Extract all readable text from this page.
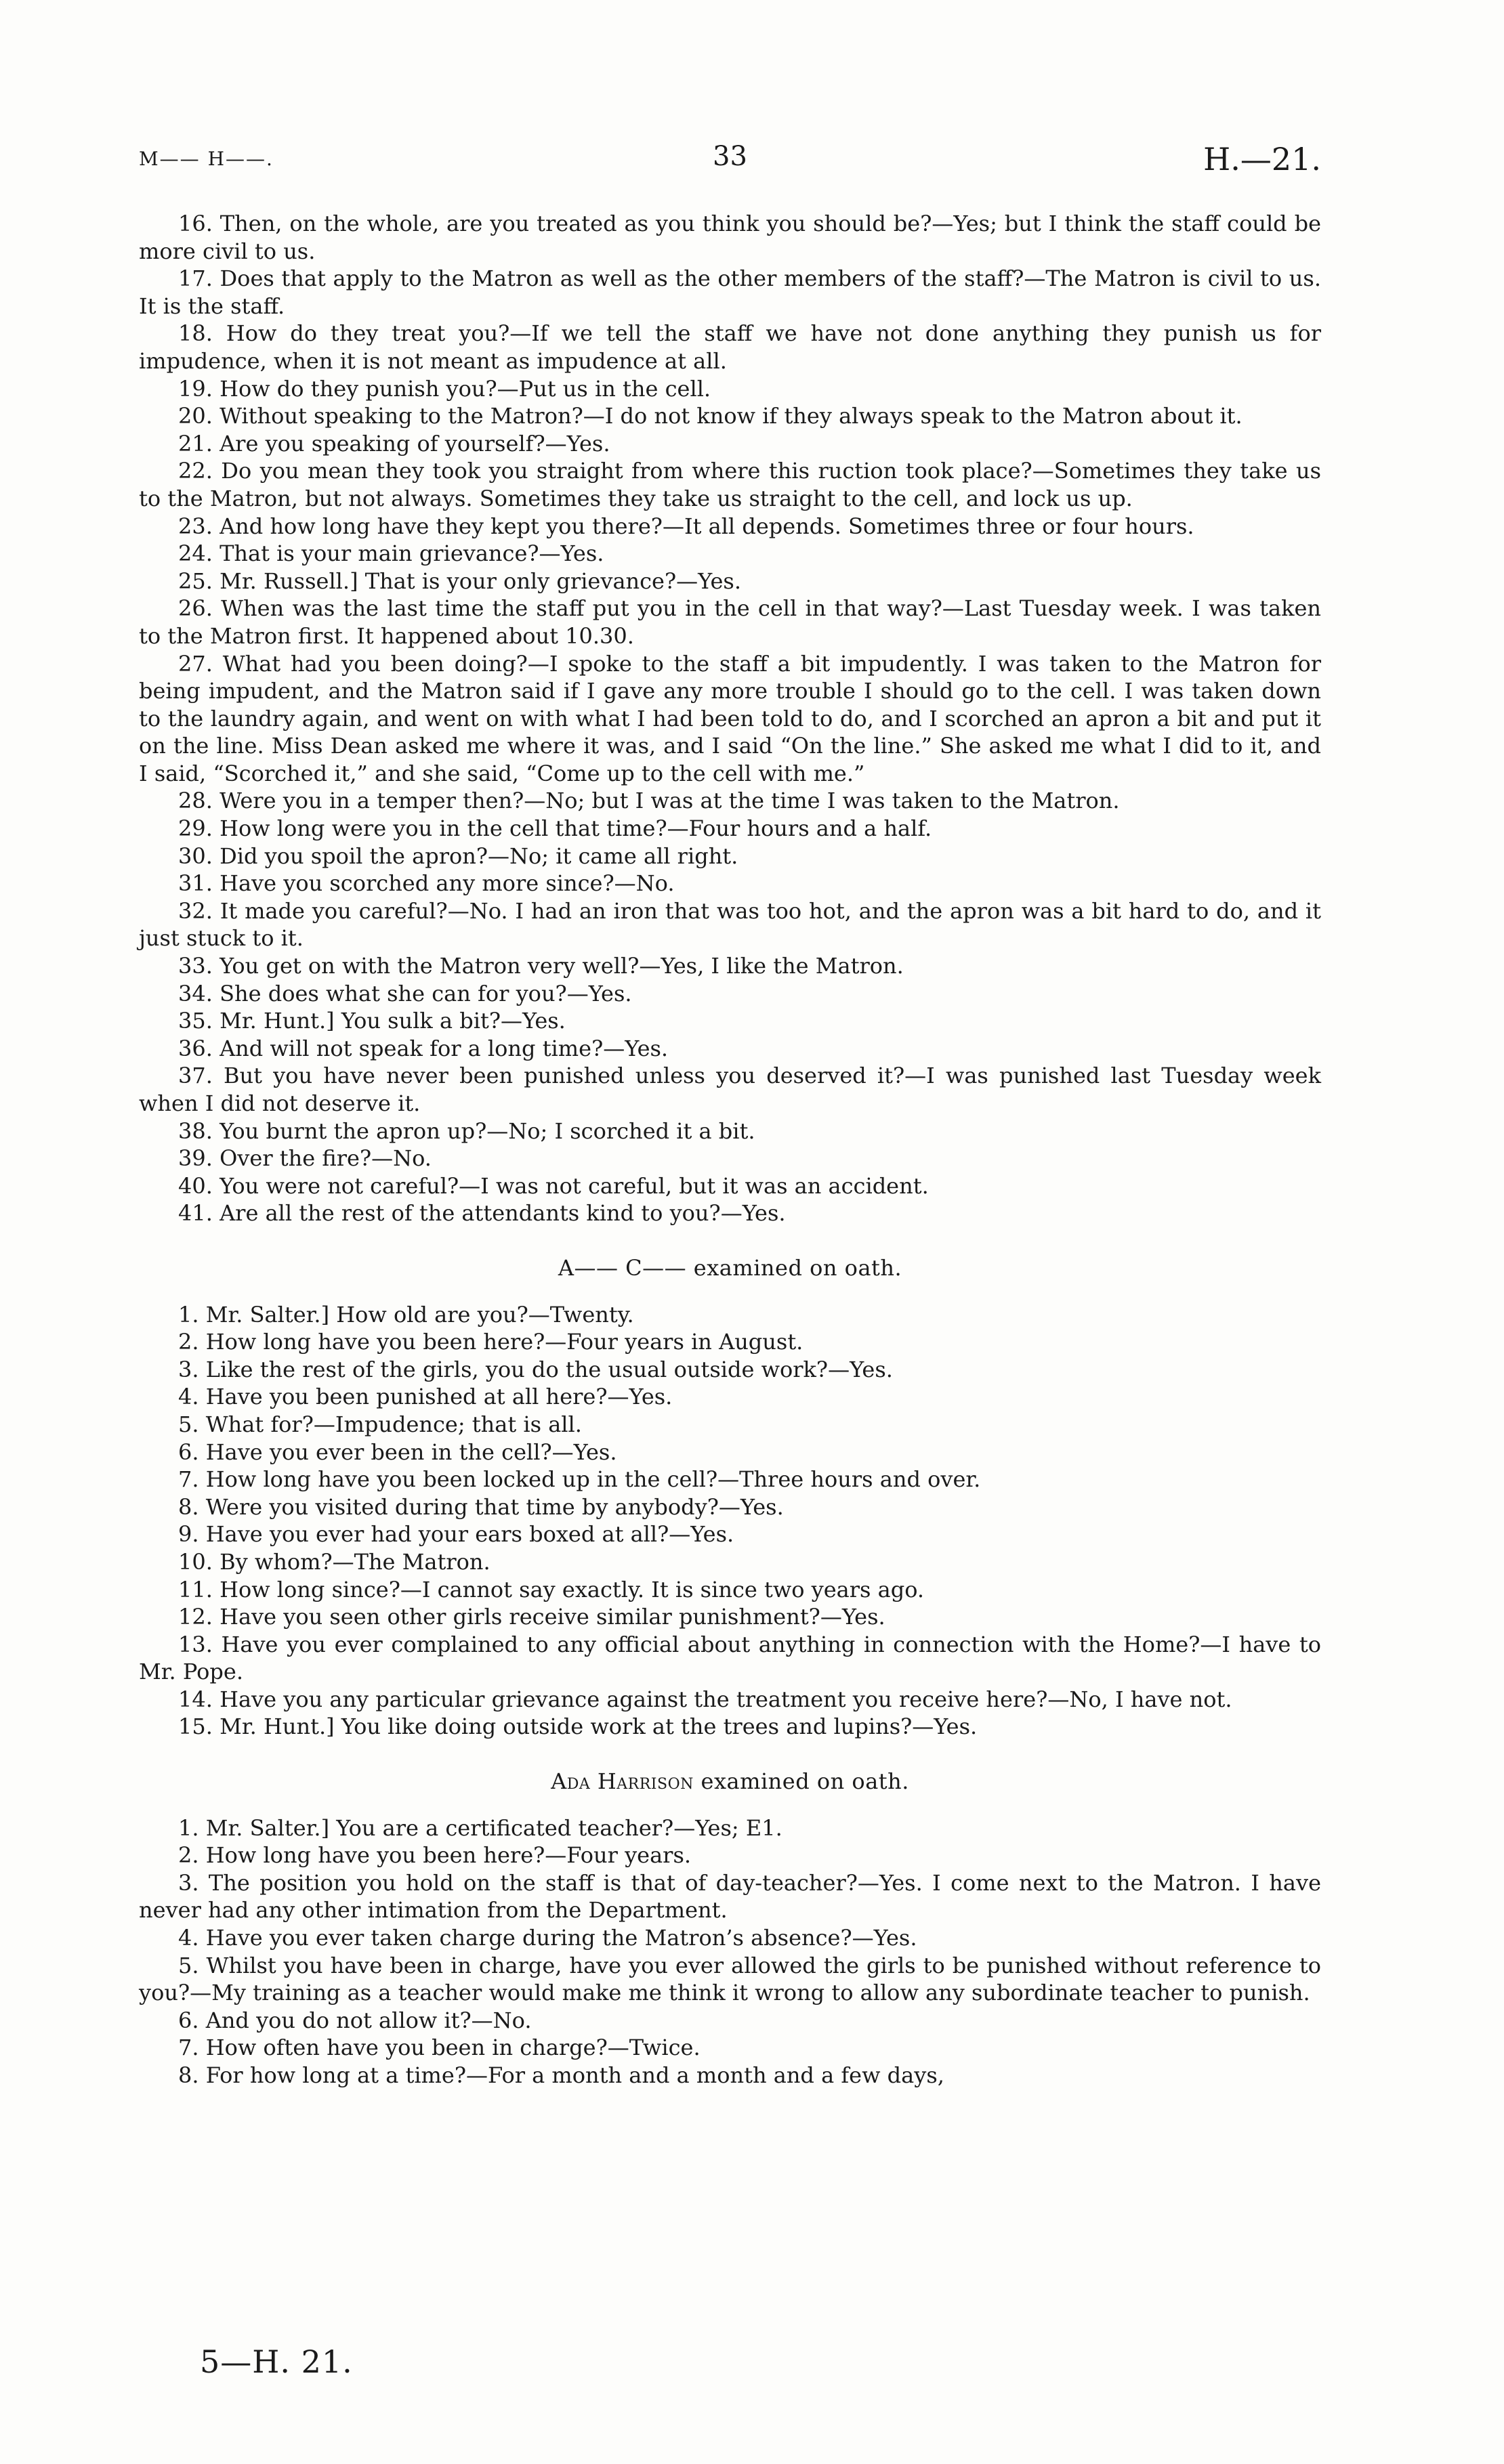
M—— H——.	33	H.—21.

16. Then, on the whole, are you treated as you think you should be?—Yes; but I think the staff could be more civil to us.

17. Does that apply to the Matron as well as the other members of the staff?—The Matron is civil to us. It is the staff.

18. How do they treat you?—If we tell the staff we have not done anything they punish us for impudence, when it is not meant as impudence at all.

19. How do they punish you?—Put us in the cell.

20. Without speaking to the Matron?—I do not know if they always speak to the Matron about it.

21. Are you speaking of yourself?—Yes.

22. Do you mean they took you straight from where this ruction took place?—Sometimes they take us to the Matron, but not always. Sometimes they take us straight to the cell, and lock us up.

23. And how long have they kept you there?—It all depends. Sometimes three or four hours.

24. That is your main grievance?—Yes.

25. Mr. Russell.] That is your only grievance?—Yes.

26. When was the last time the staff put you in the cell in that way?—Last Tuesday week. I was taken to the Matron first. It happened about 10.30.

27. What had you been doing?—I spoke to the staff a bit impudently. I was taken to the Matron for being impudent, and the Matron said if I gave any more trouble I should go to the cell. I was taken down to the laundry again, and went on with what I had been told to do, and I scorched an apron a bit and put it on the line. Miss Dean asked me where it was, and I said “On the line.” She asked me what I did to it, and I said, “Scorched it,” and she said, “Come up to the cell with me.”

28. Were you in a temper then?—No; but I was at the time I was taken to the Matron.

29. How long were you in the cell that time?—Four hours and a half.

30. Did you spoil the apron?—No; it came all right.

31. Have you scorched any more since?—No.

32. It made you careful?—No. I had an iron that was too hot, and the apron was a bit hard to do, and it just stuck to it.

33. You get on with the Matron very well?—Yes, I like the Matron.

34. She does what she can for you?—Yes.

35. Mr. Hunt.] You sulk a bit?—Yes.

36. And will not speak for a long time?—Yes.

37. But you have never been punished unless you deserved it?—I was punished last Tuesday week when I did not deserve it.

38. You burnt the apron up?—No; I scorched it a bit.

39. Over the fire?—No.

40. You were not careful?—I was not careful, but it was an accident.

41. Are all the rest of the attendants kind to you?—Yes.

A—— C—— examined on oath.

1. Mr. Salter.] How old are you?—Twenty.

2. How long have you been here?—Four years in August.

3. Like the rest of the girls, you do the usual outside work?—Yes.

4. Have you been punished at all here?—Yes.

5. What for?—Impudence; that is all.

6. Have you ever been in the cell?—Yes.

7. How long have you been locked up in the cell?—Three hours and over.

8. Were you visited during that time by anybody?—Yes.

9. Have you ever had your ears boxed at all?—Yes.

10. By whom?—The Matron.

11. How long since?—I cannot say exactly. It is since two years ago.

12. Have you seen other girls receive similar punishment?—Yes.

13. Have you ever complained to any official about anything in connection with the Home?—I have to Mr. Pope.

14. Have you any particular grievance against the treatment you receive here?—No, I have not.

15. Mr. Hunt.] You like doing outside work at the trees and lupins?—Yes.

Ada Harrison examined on oath.

1. Mr. Salter.] You are a certificated teacher?—Yes; E1.

2. How long have you been here?—Four years.

3. The position you hold on the staff is that of day-teacher?—Yes. I come next to the Matron. I have never had any other intimation from the Department.

4. Have you ever taken charge during the Matron’s absence?—Yes.

5. Whilst you have been in charge, have you ever allowed the girls to be punished without reference to you?—My training as a teacher would make me think it wrong to allow any subordinate teacher to punish.

6. And you do not allow it?—No.

7. How often have you been in charge?—Twice.

8. For how long at a time?—For a month and a month and a few days,

5—H. 21.
